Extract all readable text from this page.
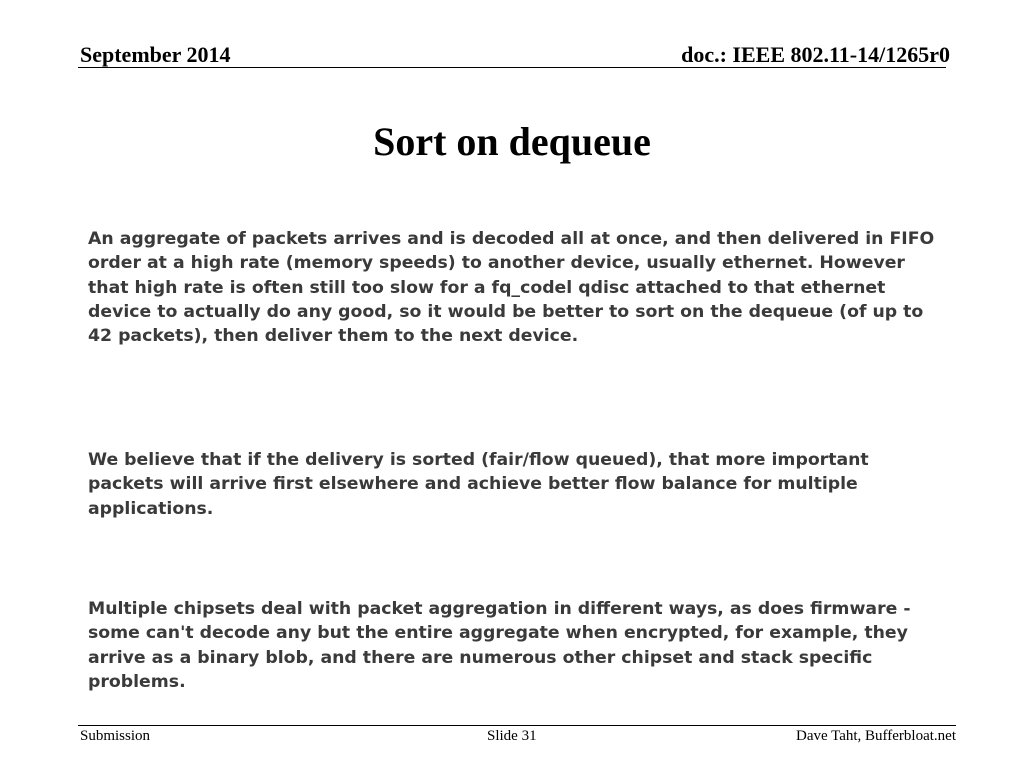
September 2014	doc.: IEEE 802.11-14/1265r0
Sort on dequeue

An aggregate of packets arrives and is decoded all at once, and then delivered in FIFO order at a high rate (memory speeds) to another device, usually ethernet. However that high rate is often still too slow for a fq_codel qdisc attached to that ethernet device to actually do any good, so it would be better to sort on the dequeue (of up to 42 packets), then deliver them to the next device.

We believe that if the delivery is sorted (fair/flow queued), that more important packets will arrive first elsewhere and achieve better flow balance for multiple applications.

Multiple chipsets deal with packet aggregation in different ways, as does firmware - some can't decode any but the entire aggregate when encrypted, for example, they arrive as a binary blob, and there are numerous other chipset and stack specific problems.

Submission	Slide 31	Dave Taht, Bufferbloat.net
